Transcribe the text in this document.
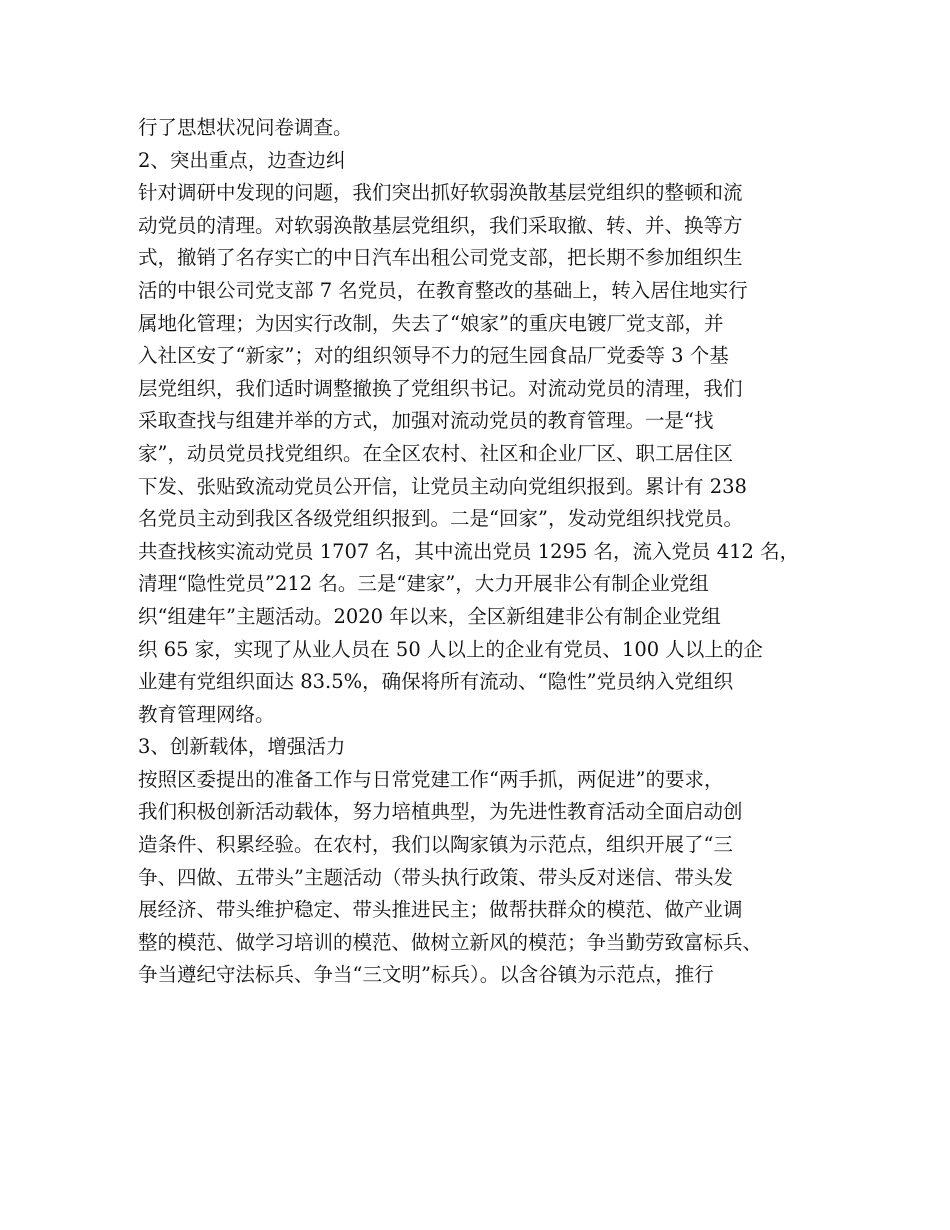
行了思想状况问卷调查。
2、突出重点，边查边纠
针对调研中发现的问题，我们突出抓好软弱涣散基层党组织的整顿和流
动党员的清理。对软弱涣散基层党组织，我们采取撤、转、并、换等方
式，撤销了名存实亡的中日汽车出租公司党支部，把长期不参加组织生
活的中银公司党支部 7 名党员，在教育整改的基础上，转入居住地实行
属地化管理；为因实行改制，失去了“娘家”的重庆电镀厂党支部，并
入社区安了“新家”；对的组织领导不力的冠生园食品厂党委等 3 个基
层党组织，我们适时调整撤换了党组织书记。对流动党员的清理，我们
采取查找与组建并举的方式，加强对流动党员的教育管理。一是“找
家”，动员党员找党组织。在全区农村、社区和企业厂区、职工居住区
下发、张贴致流动党员公开信，让党员主动向党组织报到。累计有 238
名党员主动到我区各级党组织报到。二是“回家”，发动党组织找党员。
共查找核实流动党员 1707 名，其中流出党员 1295 名，流入党员 412 名，
清理“隐性党员”212 名。三是“建家”，大力开展非公有制企业党组
织“组建年”主题活动。2020 年以来，全区新组建非公有制企业党组
织 65 家，实现了从业人员在 50 人以上的企业有党员、100 人以上的企
业建有党组织面达 83.5%，确保将所有流动、“隐性”党员纳入党组织
教育管理网络。
3、创新载体，增强活力
按照区委提出的准备工作与日常党建工作“两手抓，两促进”的要求，
我们积极创新活动载体，努力培植典型，为先进性教育活动全面启动创
造条件、积累经验。在农村，我们以陶家镇为示范点，组织开展了“三
争、四做、五带头”主题活动（带头执行政策、带头反对迷信、带头发
展经济、带头维护稳定、带头推进民主；做帮扶群众的模范、做产业调
整的模范、做学习培训的模范、做树立新风的模范；争当勤劳致富标兵、
争当遵纪守法标兵、争当“三文明”标兵）。以含谷镇为示范点，推行
